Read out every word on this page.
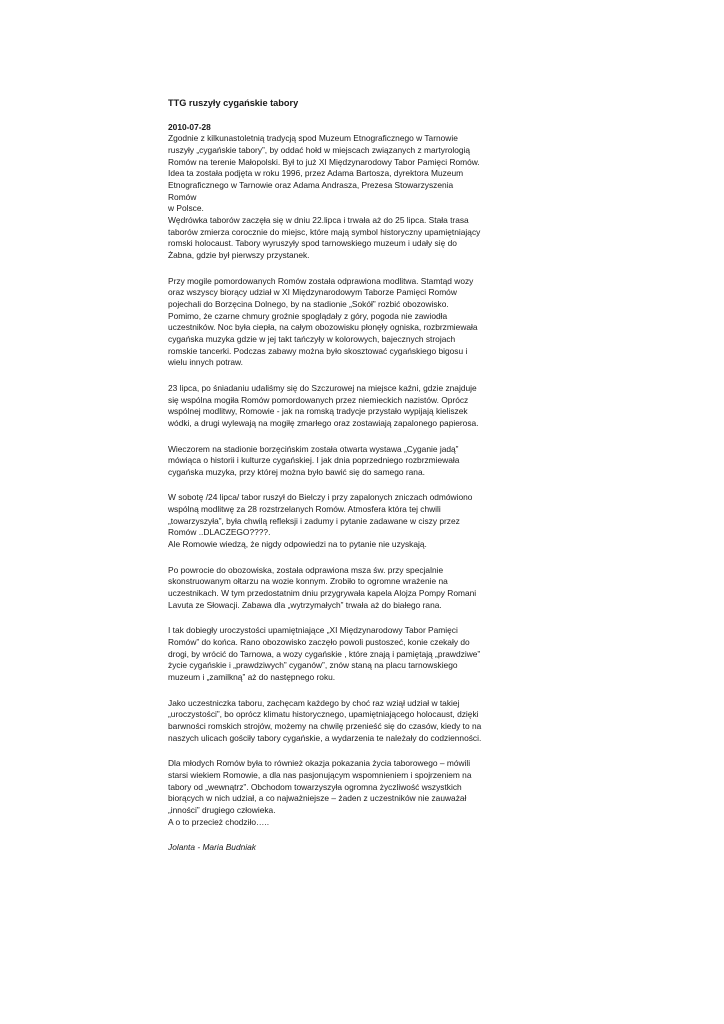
TTG ruszyły cygańskie tabory
2010-07-28
Zgodnie z kilkunastoletnią tradycją spod Muzeum Etnograficznego w Tarnowie
ruszyły „cygańskie tabory”, by oddać hołd w miejscach związanych z martyrologią
Romów na terenie Małopolski. Był to już XI Międzynarodowy Tabor Pamięci Romów.
Idea ta została podjęta w roku 1996, przez Adama Bartosza, dyrektora Muzeum
Etnograficznego w Tarnowie oraz Adama Andrasza, Prezesa Stowarzyszenia
Romów
w Polsce.
Wędrówka taborów zaczęła się w dniu 22.lipca i trwała aż do 25 lipca. Stała trasa
taborów zmierza corocznie do miejsc, które mają symbol historyczny upamiętniający
romski holocaust. Tabory wyruszyły spod tarnowskiego muzeum i udały się do
Żabna, gdzie był pierwszy przystanek.
Przy mogile pomordowanych Romów została odprawiona modlitwa. Stamtąd wozy
oraz wszyscy biorący udział w XI Międzynarodowym Taborze Pamięci Romów
pojechali do Borzęcina Dolnego, by na stadionie „Sokół” rozbić obozowisko.
Pomimo, że czarne chmury groźnie spoglądały z góry, pogoda nie zawiodła
uczestników. Noc była ciepła, na całym obozowisku płonęły ogniska, rozbrzmiewała
cygańska muzyka gdzie w jej takt tańczyły w kolorowych, bajecznych strojach
romskie tancerki. Podczas zabawy można było skosztować cygańskiego bigosu i
wielu innych potraw.
23 lipca, po śniadaniu udaliśmy się do Szczurowej na miejsce kaźni, gdzie znajduje
się wspólna mogiła Romów pomordowanych przez niemieckich nazistów. Oprócz
wspólnej modlitwy, Romowie - jak na romską tradycje przystało wypijają kieliszek
wódki, a drugi wylewają na mogiłę zmarłego oraz zostawiają zapalonego papierosa.
Wieczorem na stadionie borzęcińskim została otwarta wystawa „Cyganie jadą”
mówiąca o historii i kulturze cygańskiej. I jak dnia poprzedniego rozbrzmiewała
cygańska muzyka, przy której można było bawić się do samego rana.
W sobotę /24 lipca/ tabor ruszył do Bielczy i przy zapalonych zniczach odmówiono
wspólną modlitwę za 28 rozstrzelanych Romów. Atmosfera która tej chwili
„towarzyszyła”, była chwilą refleksji i zadumy i pytanie zadawane w ciszy przez
Romów ..DLACZEGO????.
Ale Romowie wiedzą, że nigdy odpowiedzi na to pytanie nie uzyskają.
Po powrocie do obozowiska, została odprawiona msza św. przy specjalnie
skonstruowanym ołtarzu na wozie konnym. Zrobiło to ogromne wrażenie na
uczestnikach. W tym przedostatnim dniu przygrywała kapela Alojza Pompy Romani
Lavuta ze Słowacji. Zabawa dla „wytrzymałych” trwała aż do białego rana.
I tak dobiegły uroczystości upamiętniające „XI Międzynarodowy Tabor Pamięci
Romów” do końca. Rano obozowisko zaczęło powoli pustoszeć, konie czekały do
drogi, by wrócić do Tarnowa, a wozy cygańskie , które znają i pamiętają „prawdziwe”
życie cygańskie i „prawdziwych” cyganów”, znów staną na placu tarnowskiego
muzeum i „zamilkną” aż do następnego roku.
Jako uczestniczka taboru, zachęcam każdego by choć raz wziął udział w takiej
„uroczystości”, bo oprócz klimatu historycznego, upamiętniającego holocaust, dzięki
barwności romskich strojów, możemy na chwilę przenieść się do czasów, kiedy to na
naszych ulicach gościły tabory cygańskie, a wydarzenia te należały do codzienności.
Dla młodych Romów była to również okazja pokazania życia taborowego – mówili
starsi wiekiem Romowie, a dla nas pasjonującym wspomnieniem i spojrzeniem na
tabory od „wewnątrz”. Obchodom towarzyszyła ogromna życzliwość wszystkich
biorących w nich udział, a co najważniejsze – żaden z uczestników nie zauważał
„inności” drugiego człowieka.
A o to przecież chodziło…..
Jolanta - Maria Budniak
